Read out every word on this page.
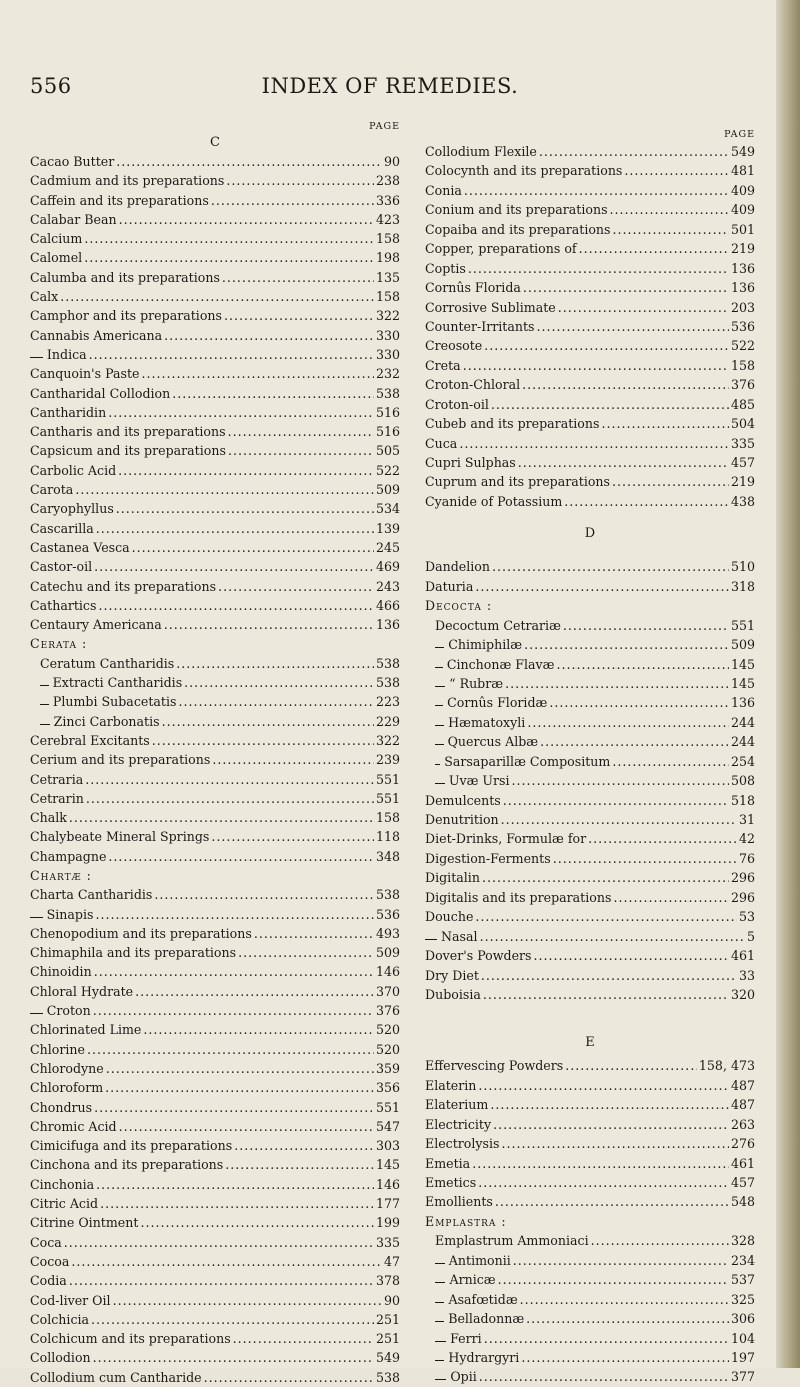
556	INDEX OF REMEDIES.
PAGE
C
Cacao Butter .....	90
Cadmium and its preparations .....	238
Caffein and its preparations .....	336
Calabar Bean .....	423
Calcium .....	158
Calomel .....	198
Calumba and its preparations .....	135
Calx .....	158
Camphor and its preparations .....	322
Cannabis Americana .....	330
Indica .....	330
Canquoin's Paste .....	232
Cantharidal Collodion .....	538
Cantharidin .....	516
Cantharis and its preparations .....	516
Capsicum and its preparations .....	505
Carbolic Acid .....	522
Carota .....	509
Caryophyllus .....	534
Cascarilla .....	139
Castanea Vesca .....	245
Castor-oil .....	469
Catechu and its preparations .....	243
Cathartics .....	466
Centaury Americana .....	136
Cerata :
Ceratum Cantharidis .....	538
Extracti Cantharidis .....	538
Plumbi Subacetatis .....	223
Zinci Carbonatis .....	229
Cerebral Excitants .....	322
Cerium and its preparations .....	239
Cetraria .....	551
Cetrarin .....	551
Chalk .....	158
Chalybeate Mineral Springs .....	118
Champagne .....	348
Chartæ :
Charta Cantharidis .....	538
Sinapis .....	536
Chenopodium and its preparations .....	493
Chimaphila and its preparations .....	509
Chinoidin .....	146
Chloral Hydrate .....	370
Croton .....	376
Chlorinated Lime .....	520
Chlorine .....	520
Chlorodyne .....	359
Chloroform .....	356
Chondrus .....	551
Chromic Acid .....	547
Cimicifuga and its preparations .....	303
Cinchona and its preparations .....	145
Cinchonia .....	146
Citric Acid .....	177
Citrine Ointment .....	199
Coca .....	335
Cocoa .....	47
Codia .....	378
Cod-liver Oil .....	90
Colchicia .....	251
Colchicum and its preparations .....	251
Collodion .....	549
Collodium cum Cantharide .....	538
PAGE
Collodium Flexile .....	549
Colocynth and its preparations .....	481
Conia .....	409
Conium and its preparations .....	409
Copaiba and its preparations .....	501
Copper, preparations of .....	219
Coptis .....	136
Cornûs Florida .....	136
Corrosive Sublimate .....	203
Counter-Irritants .....	536
Creosote .....	522
Creta .....	158
Croton-Chloral .....	376
Croton-oil .....	485
Cubeb and its preparations .....	504
Cuca .....	335
Cupri Sulphas .....	457
Cuprum and its preparations .....	219
Cyanide of Potassium .....	438
D
Dandelion .....	510
Daturia .....	318
Decocta :
Decoctum Cetrariæ .....	551
Chimiphilæ .....	509
Cinchonæ Flavæ .....	145
“ Rubræ .....	145
Cornûs Floridæ .....	136
Hæmatoxyli .....	244
Quercus Albæ .....	244
Sarsaparillæ Compositum .....	254
Uvæ Ursi .....	508
Demulcents .....	518
Denutrition .....	31
Diet-Drinks, Formulæ for .....	42
Digestion-Ferments .....	76
Digitalin .....	296
Digitalis and its preparations .....	296
Douche .....	53
Nasal .....	5
Dover's Powders .....	461
Dry Diet .....	33
Duboisia .....	320
E
Effervescing Powders .....	158, 473
Elaterin .....	487
Elaterium .....	487
Electricity .....	263
Electrolysis .....	276
Emetia .....	461
Emetics .....	457
Emollients .....	548
Emplastra :
Emplastrum Ammoniaci .....	328
Antimonii .....	234
Arnicæ .....	537
Asafœtidæ .....	325
Belladonnæ .....	306
Ferri .....	104
Hydrargyri .....	197
Opii .....	377
